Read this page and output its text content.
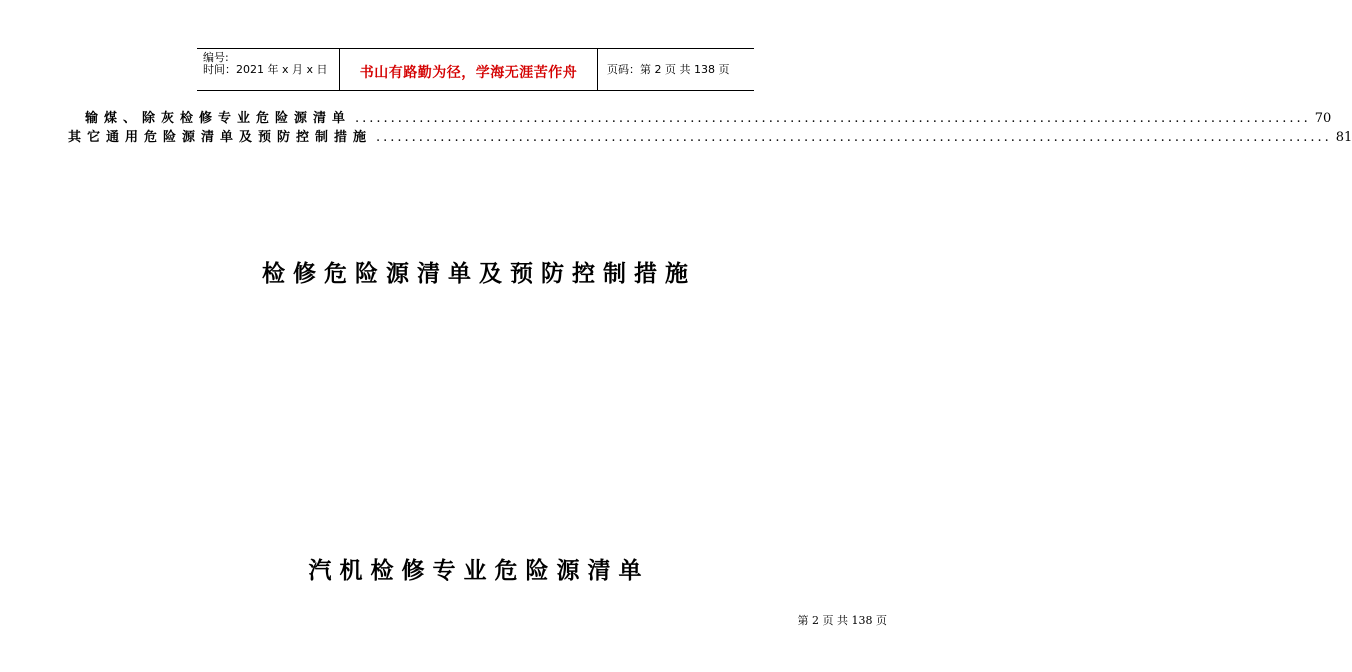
编号:
时间：2021 年 x 月 x 日	书山有路勤为径，学海无涯苦作舟	页码：第 2 页 共 138 页
输煤、除灰检修专业危险源清单 ...................................................................................................................................... 70
其它通用危险源清单及预防控制措施 ...................................................................................................................................... 81
检 修 危 险 源 清 单 及 预 防 控 制 措 施
汽 机 检 修 专 业 危 险 源 清 单
第 2 页 共 138 页
